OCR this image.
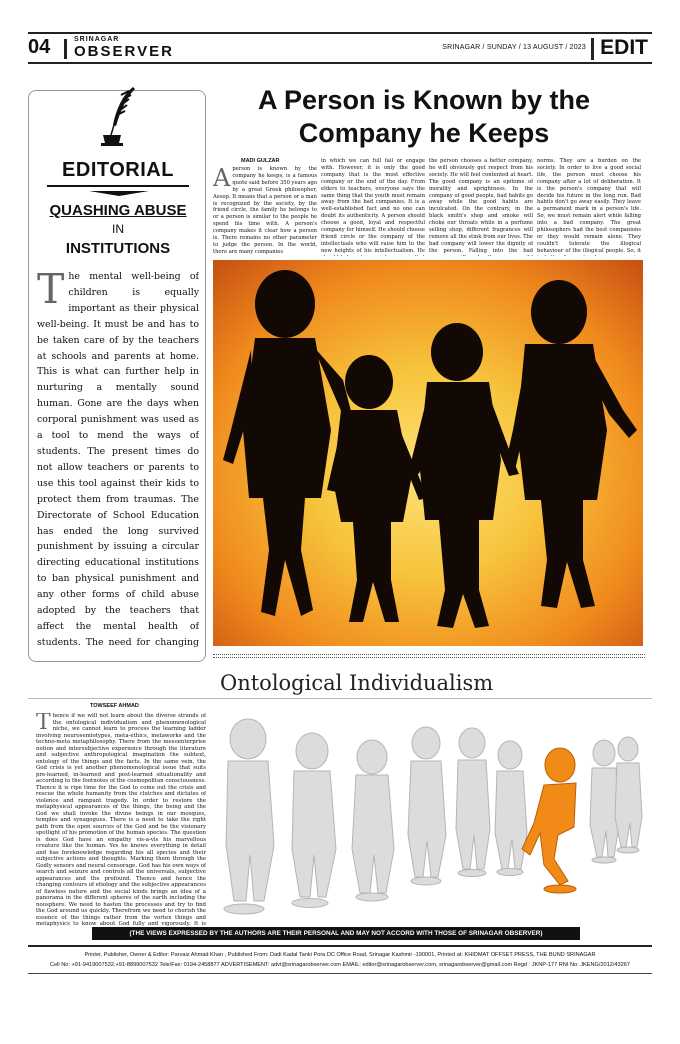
04	SRINAGAR
OBSERVER	SRINAGAR / SUNDAY / 13 AUGUST / 2023 EDIT
EDITORIAL
QUASHING ABUSE
IN
INSTITUTIONS
T he mental well-being of children is equally important as their physical well-being. It must be and has to be taken care of by the teachers at schools and parents at home. This is what can further help in nurturing a mentally sound human. Gone are the days when corporal punishment was used as a tool to mend the ways of students. The present times do not allow teachers or parents to use this tool against their kids to protect them from traumas. The Directorate of School Education has ended the long survived punishment by issuing a circular directing educational institutions to ban physical punishment and any other forms of child abuse adopted by the teachers that affect the mental health of students. The need for changing
A Person is Known by the Company he Keeps
MADI GULZAR
A person is known by the company he keeps, is a famous quote said before 350 years ago by a great Greek philosopher, Aesop. It means that a person or a man is recognized by the society, by the friend circle, the family he belongs to or a person is similar to the people he spend his time with. A person's company makes it clear how a person is. There remains no other parameter to judge the person. In the world, there are many companies
in which we can full fail or engage with. However, it is only the good company that is the most effective company or the end of the day. From elders to teachers, everyone says the same thing that the youth must remain away from the bad companies. It is a well-established fact and no one can doubt its authenticity. A person should choose a good, loyal and respectful company for himself. He should choose friend circle or the company of the intellectuals who will raise him to the new heights of his intellectualism. He
the person chooses a better company, he will obviously get respect from his society. He will feel contented at heart. The good company is an epitome of morality and uprightness. In the company of good people, bad habits go away while the good habits are inculcated. On the contrary, in the black smith's shop and smoke will choke our throats while in a perfume selling shop, different fragrances will remove all the stink from our lives. The bad company will lower the dignity of the person. Falling into the bad
norms. They are a burden on the society. In order to live a good social life, the person must choose his company after a lot of deliberation. It is the person's company that will decide his future in the long run. Bad habits don't go away easily. They leave a permanent mark in a person's life. So, we must remain alert while falling into a bad company. The great philosophers had the best companions or they would remain alone. They couldn't tolerate the illogical behaviour of the illogical people. So, it
Ontological Individualism
TOWSEEF AHMAD
T hence if we will not learn about the diverse strands of the ontological individualism and phenomenological niche, we cannot learn to process the learning ladder involving neurosemiotypes, meta-ethics, metaworks and the techno-meta metaphilosophy. There from the mesoenterprise notion and intersubjective experience through the literature and subjective anthropological imagination the subtext, ontology of the things and the facts. In the same vein, the God crisis is yet another phenomenological issue that suits pre-learned, in-learned and post-learned situationality and according to the footnotes of the cosmopolitan consciousness. Thence it is ripe time for the God to come out the crisis and rescue the whole humanity from the clutches and dictates of violence and rampant tragedy. In order to restore the metaphysical appearances of the things, the being and the God we shall invoke the divine beings in our mosques, temples and synagogues. There is a need to take the right path from the open sources of the God and be the visionary spotlight of his promotion of the human species. The question is does God have an empathy vis-a-vis his marvellous creature like the human. Yes he knows everything in detail and has foreknowledge regarding his all species and their subjective actions and thoughts. Marking them through the Godly sensors and neural censorage. God has his own ways of search and seizure and controls all the universals, subjective appearances and the profound. Thence and hence the changing contours of etiology and the subjective appearances of flawless nature and the social kinds brings an idea of a panorama in the different spheres of the earth including the noosphere. We need to hasten the processes and try to find the God around us quickly. Therefrom we need to cherish the essence of the things rather from the vortex things and metaphysics to know about God fully and vigorously. It is
(THE VIEWS EXPRESSED BY THE AUTHORS ARE THEIR PERSONAL AND MAY NOT ACCORD WITH THOSE OF SRINAGAR OBSERVER)
Printer, Publisher, Owner & Editor: Parvaiz Ahmad Khan , Published From: Dadi Kadal Tanki Pora DC Office Road, Srinagar Kashmir -190001, Printed at: KHIDMAT OFFSET PRESS, THE BUND SRINAGAR
Cell No: +91-9419007532,+91-8899007532 Tele/Fax: 0194-2458877 ADVERTISEMENT: advt@srinagarobserver.com EMAIL: editor@srinagarobserver.com, srinagarobserver@gmail.com Regd : JKNP-177 RNI No: JKENG/2012/43267
